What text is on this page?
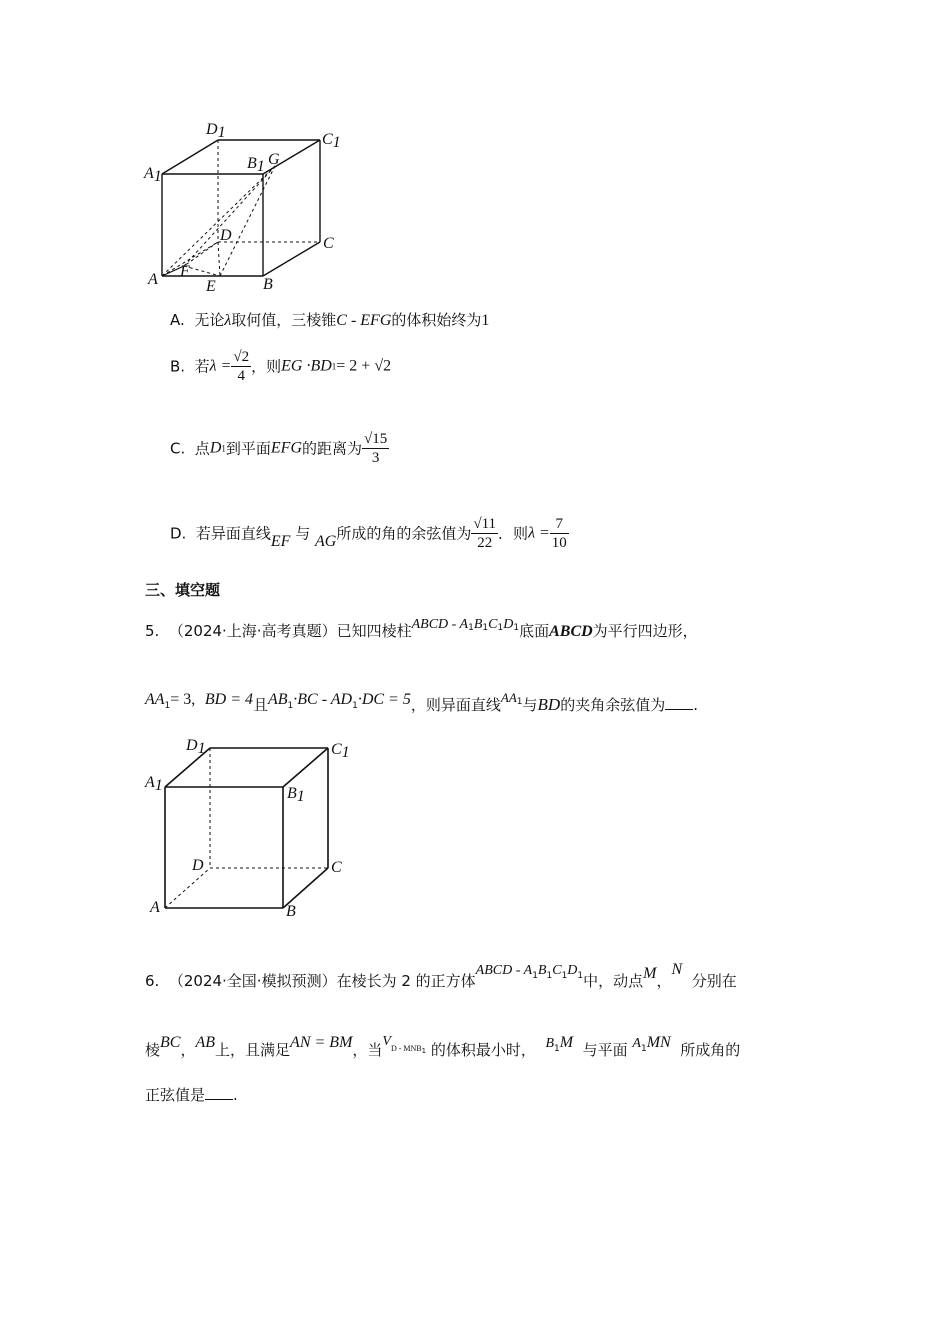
D1	C1
A1
B1 G
D	C
A F
E	B
A. 无论λ取何值，三棱锥C - EFG的体积始终为1
B. 若$\lambda = \frac{√2}{4}$ ，则EG ·BD1= 2 + √2
C. 点D1到平面EFG的距离为 $\frac{√15}{3}$
D. 若异面直线EF 与 AG所成的角的余弦值为 $\frac{√11}{22}$ ．则$\lambda = \frac{7}{10}$
三、填空题
5. （2024·上海·高考真题）已知四棱柱ABCD - $A^1B^1C^1D^1$底面ABCD为平行四边形，
AA1= 3, BD = 4且AB1·BC - AD1·DC = 5，则异面直线$AA^1$与BD的夹角余弦值为 .
D1	C1
A1	B1
D	C
A	B
6. （2024·全国·模拟预测）在棱长为 2 的正方体ABCD - $A^1B^1C^1D^1$中，动点M，N  分别在
棱BC，AB上，且满足AN = BM，当$V^{D - MNB}1$ 的体积最小时， $B^1M$ 与平面 $A^1MN$ 所成角的
正弦值是 .
